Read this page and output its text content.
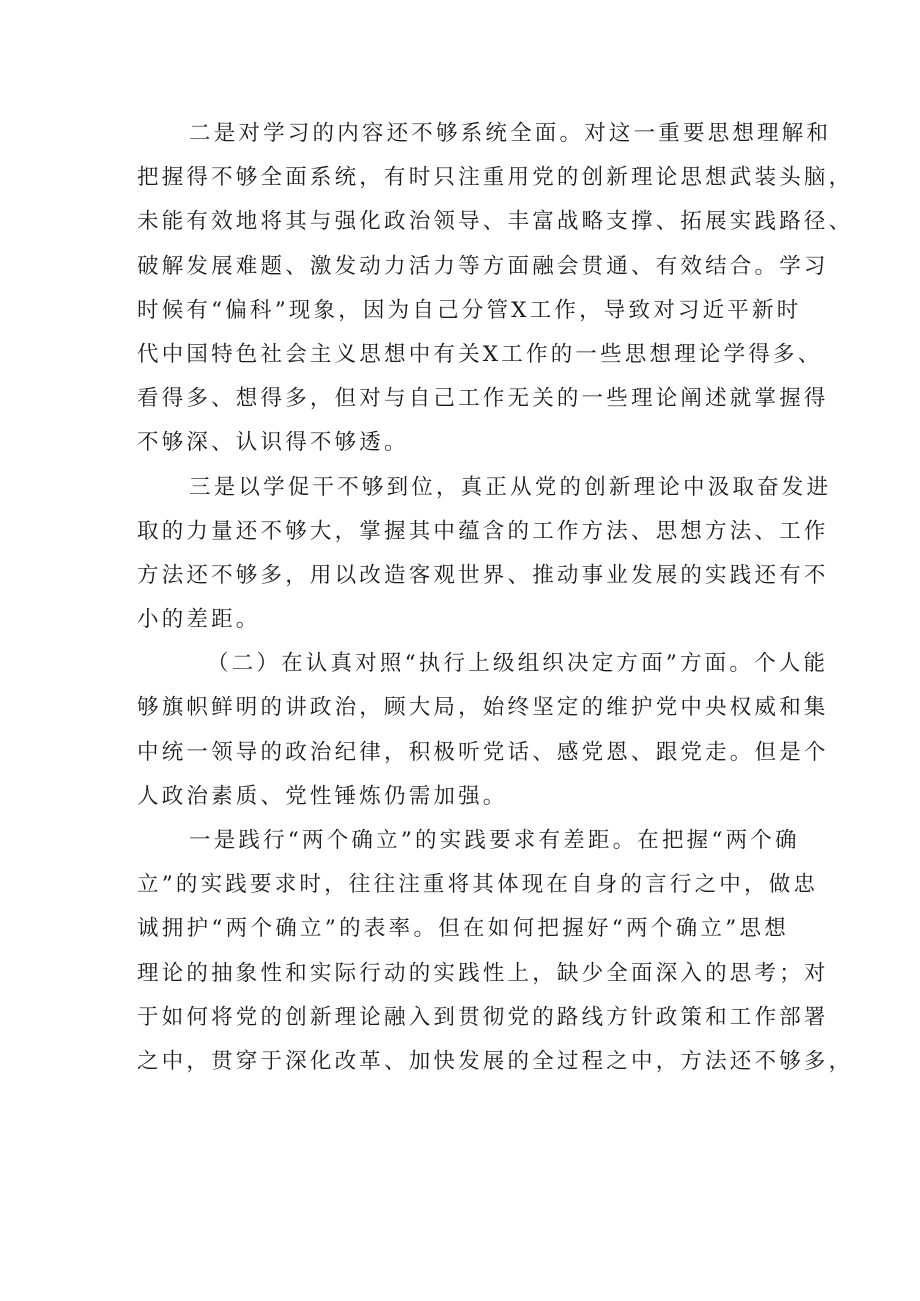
二是对学习的内容还不够系统全面。对这一重要思想理解和
把握得不够全面系统，有时只注重用党的创新理论思想武装头脑，
未能有效地将其与强化政治领导、丰富战略支撑、拓展实践路径、
破解发展难题、激发动力活力等方面融会贯通、有效结合。学习
时候有“偏科”现象，因为自己分管X工作，导致对习近平新时
代中国特色社会主义思想中有关X工作的一些思想理论学得多、
看得多、想得多，但对与自己工作无关的一些理论阐述就掌握得
不够深、认识得不够透。
三是以学促干不够到位，真正从党的创新理论中汲取奋发进
取的力量还不够大，掌握其中蕴含的工作方法、思想方法、工作
方法还不够多，用以改造客观世界、推动事业发展的实践还有不
小的差距。
（二）在认真对照“执行上级组织决定方面”方面。个人能
够旗帜鲜明的讲政治，顾大局，始终坚定的维护党中央权威和集
中统一领导的政治纪律，积极听党话、感党恩、跟党走。但是个
人政治素质、党性锤炼仍需加强。
一是践行“两个确立”的实践要求有差距。在把握“两个确
立”的实践要求时，往往注重将其体现在自身的言行之中，做忠
诚拥护“两个确立”的表率。但在如何把握好“两个确立”思想
理论的抽象性和实际行动的实践性上，缺少全面深入的思考；对
于如何将党的创新理论融入到贯彻党的路线方针政策和工作部署
之中，贯穿于深化改革、加快发展的全过程之中，方法还不够多，
